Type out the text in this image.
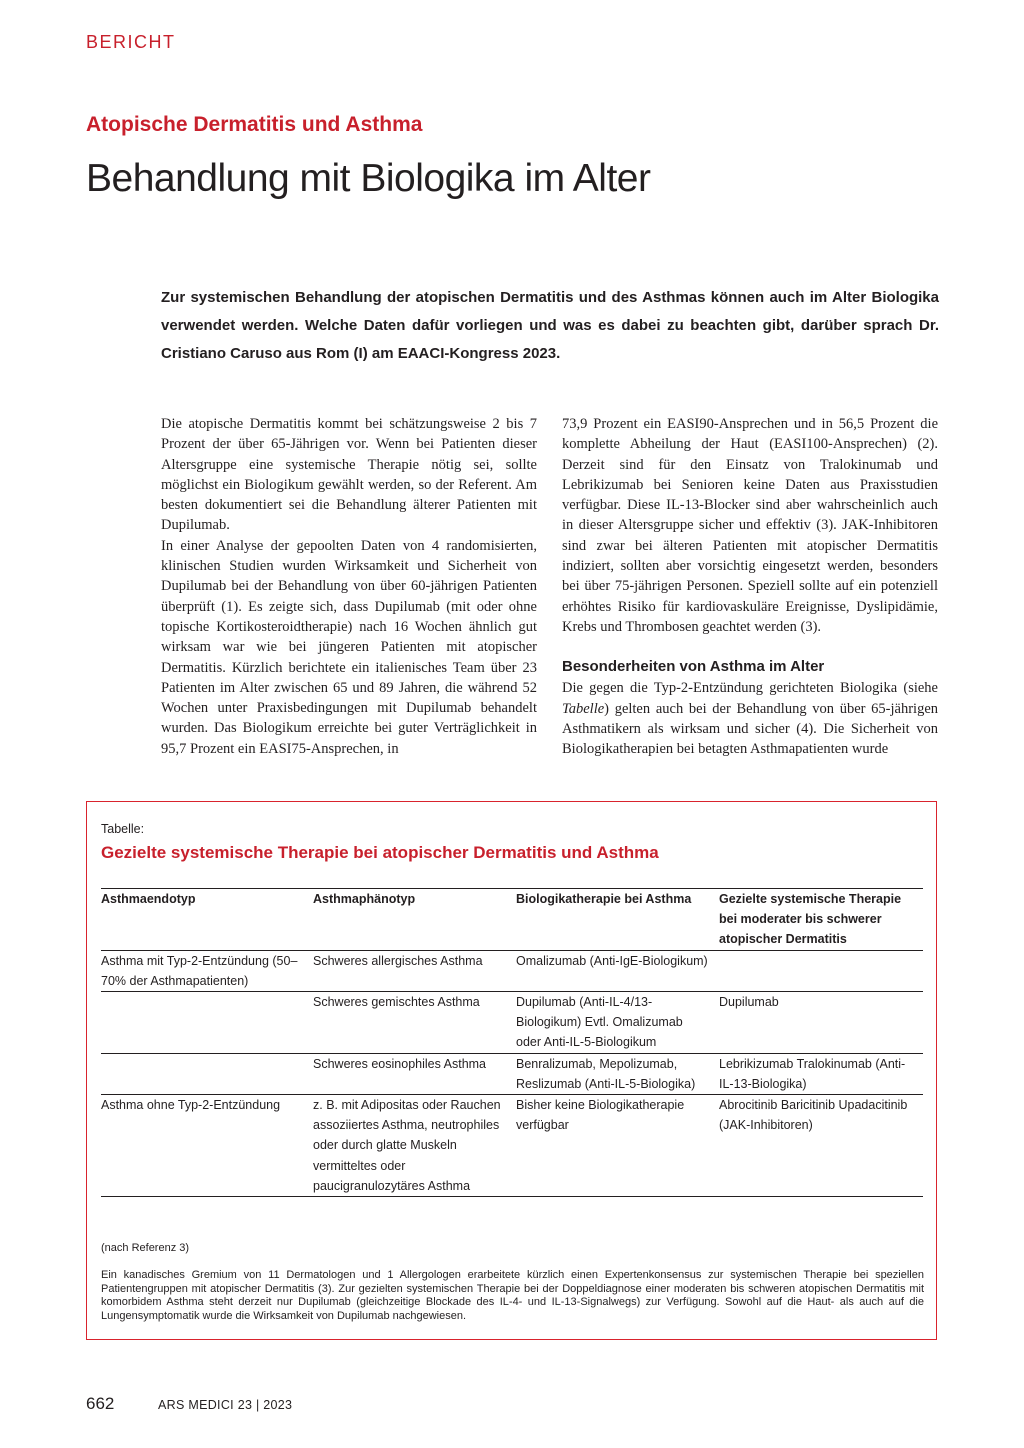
BERICHT
Atopische Dermatitis und Asthma
Behandlung mit Biologika im Alter

Zur systemischen Behandlung der atopischen Dermatitis und des Asthmas können auch im Alter Biologika verwendet werden. Welche Daten dafür vorliegen und was es dabei zu beachten gibt, darüber sprach Dr. Cristiano Caruso aus Rom (I) am EAACI-Kongress 2023.

Die atopische Dermatitis kommt bei schätzungsweise 2 bis 7 Prozent der über 65-Jährigen vor. Wenn bei Patienten dieser Altersgruppe eine systemische Therapie nötig sei, sollte möglichst ein Biologikum gewählt werden, so der Referent. Am besten dokumentiert sei die Behandlung älterer Patienten mit Dupilumab.

In einer Analyse der gepoolten Daten von 4 randomisierten, klinischen Studien wurden Wirksamkeit und Sicherheit von Dupilumab bei der Behandlung von über 60-jährigen Patienten überprüft (1). Es zeigte sich, dass Dupilumab (mit oder ohne topische Kortikosteroidtherapie) nach 16 Wochen ähnlich gut wirksam war wie bei jüngeren Patienten mit atopischer Dermatitis. Kürzlich berichtete ein italienisches Team über 23 Patienten im Alter zwischen 65 und 89 Jahren, die während 52 Wochen unter Praxisbedingungen mit Dupilumab behandelt wurden. Das Biologikum erreichte bei guter Verträglichkeit in 95,7 Prozent ein EASI75-Ansprechen, in

73,9 Prozent ein EASI90-Ansprechen und in 56,5 Prozent die komplette Abheilung der Haut (EASI100-Ansprechen) (2). Derzeit sind für den Einsatz von Tralokinumab und Lebrikizumab bei Senioren keine Daten aus Praxisstudien verfügbar. Diese IL-13-Blocker sind aber wahrscheinlich auch in dieser Altersgruppe sicher und effektiv (3). JAK-Inhibitoren sind zwar bei älteren Patienten mit atopischer Dermatitis indiziert, sollten aber vorsichtig eingesetzt werden, besonders bei über 75-jährigen Personen. Speziell sollte auf ein potenziell erhöhtes Risiko für kardiovaskuläre Ereignisse, Dyslipidämie, Krebs und Thrombosen geachtet werden (3).

Besonderheiten von Asthma im Alter

Die gegen die Typ-2-Entzündung gerichteten Biologika (siehe Tabelle) gelten auch bei der Behandlung von über 65-jährigen Asthmatikern als wirksam und sicher (4). Die Sicherheit von Biologikatherapien bei betagten Asthmapatienten wurde

Tabelle:
Gezielte systemische Therapie bei atopischer Dermatitis und Asthma
Asthmaendotyp	Asthmaphänotyp	Biologikatherapie bei Asthma	Gezielte systemische Therapie bei moderater bis schwerer atopischer Dermatitis
Asthma mit Typ-2-Entzündung (50–70% der Asthmapatienten)	Schweres allergisches Asthma	Omalizumab (Anti-IgE-Biologikum)	
	Schweres gemischtes Asthma	Dupilumab (Anti-IL-4/13-Biologikum) Evtl. Omalizumab oder Anti-IL-5-Biologikum	Dupilumab
	Schweres eosinophiles Asthma	Benralizumab, Mepolizumab, Reslizumab (Anti-IL-5-Biologika)	Lebrikizumab Tralokinumab (Anti-IL-13-Biologika)
Asthma ohne Typ-2-Entzündung	z. B. mit Adipositas oder Rauchen assoziiertes Asthma, neutrophiles oder durch glatte Muskeln vermitteltes oder paucigranulozytäres Asthma	Bisher keine Biologikatherapie verfügbar	Abrocitinib Baricitinib Upadacitinib (JAK-Inhibitoren)
(nach Referenz 3)

Ein kanadisches Gremium von 11 Dermatologen und 1 Allergologen erarbeitete kürzlich einen Expertenkonsensus zur systemischen Therapie bei speziellen Patientengruppen mit atopischer Dermatitis (3). Zur gezielten systemischen Therapie bei der Doppeldiagnose einer moderaten bis schweren atopischen Dermatitis mit komorbidem Asthma steht derzeit nur Dupilumab (gleichzeitige Blockade des IL-4- und IL-13-Signalwegs) zur Verfügung. Sowohl auf die Haut- als auch auf die Lungensymptomatik wurde die Wirksamkeit von Dupilumab nachgewiesen.

662	ARS MEDICI 23 | 2023
